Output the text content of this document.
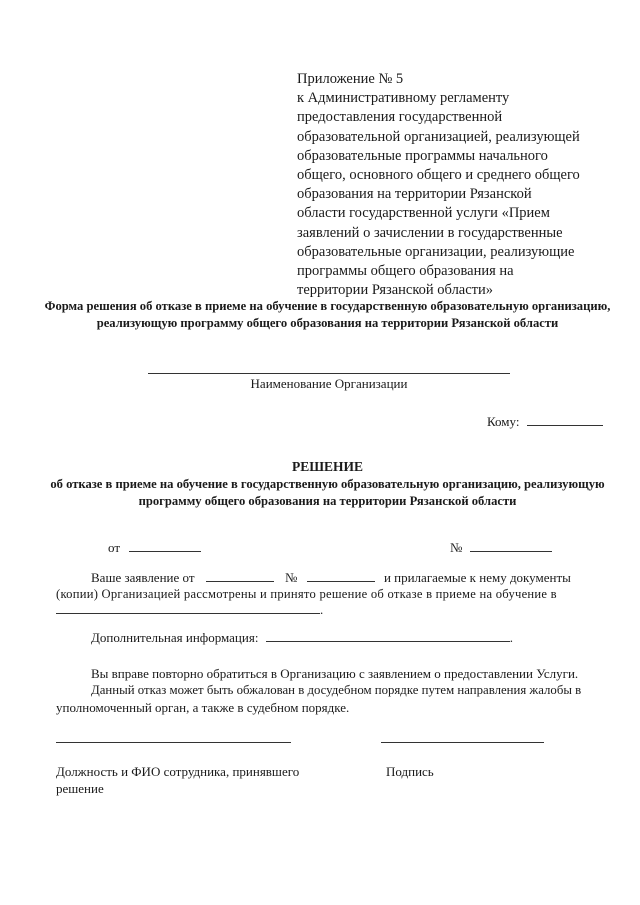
Приложение № 5
к Административному регламенту
предоставления государственной
образовательной организацией, реализующей
образовательные программы начального
общего, основного общего и среднего общего
образования на территории Рязанской
области государственной услуги «Прием
заявлений о зачислении в государственные
образовательные организации, реализующие
программы общего образования на
территории Рязанской области»
Форма решения об отказе в приеме на обучение в государственную образовательную организацию, реализующую программу общего образования на территории Рязанской области
Наименование Организации
Кому:
РЕШЕНИЕ
об отказе в приеме на обучение в государственную образовательную организацию, реализующую программу общего образования на территории Рязанской области
от	№
Ваше заявление от	№	и прилагаемые к нему документы
(копии) Организацией рассмотрены и принято решение об отказе в приеме на обучение в
.
Дополнительная информация:	.
Вы вправе повторно обратиться в Организацию с заявлением о предоставлении Услуги.
Данный отказ может быть обжалован в досудебном порядке путем направления жалобы в
уполномоченный орган, а также в судебном порядке.
Должность и ФИО сотрудника, принявшего решение
Подпись
